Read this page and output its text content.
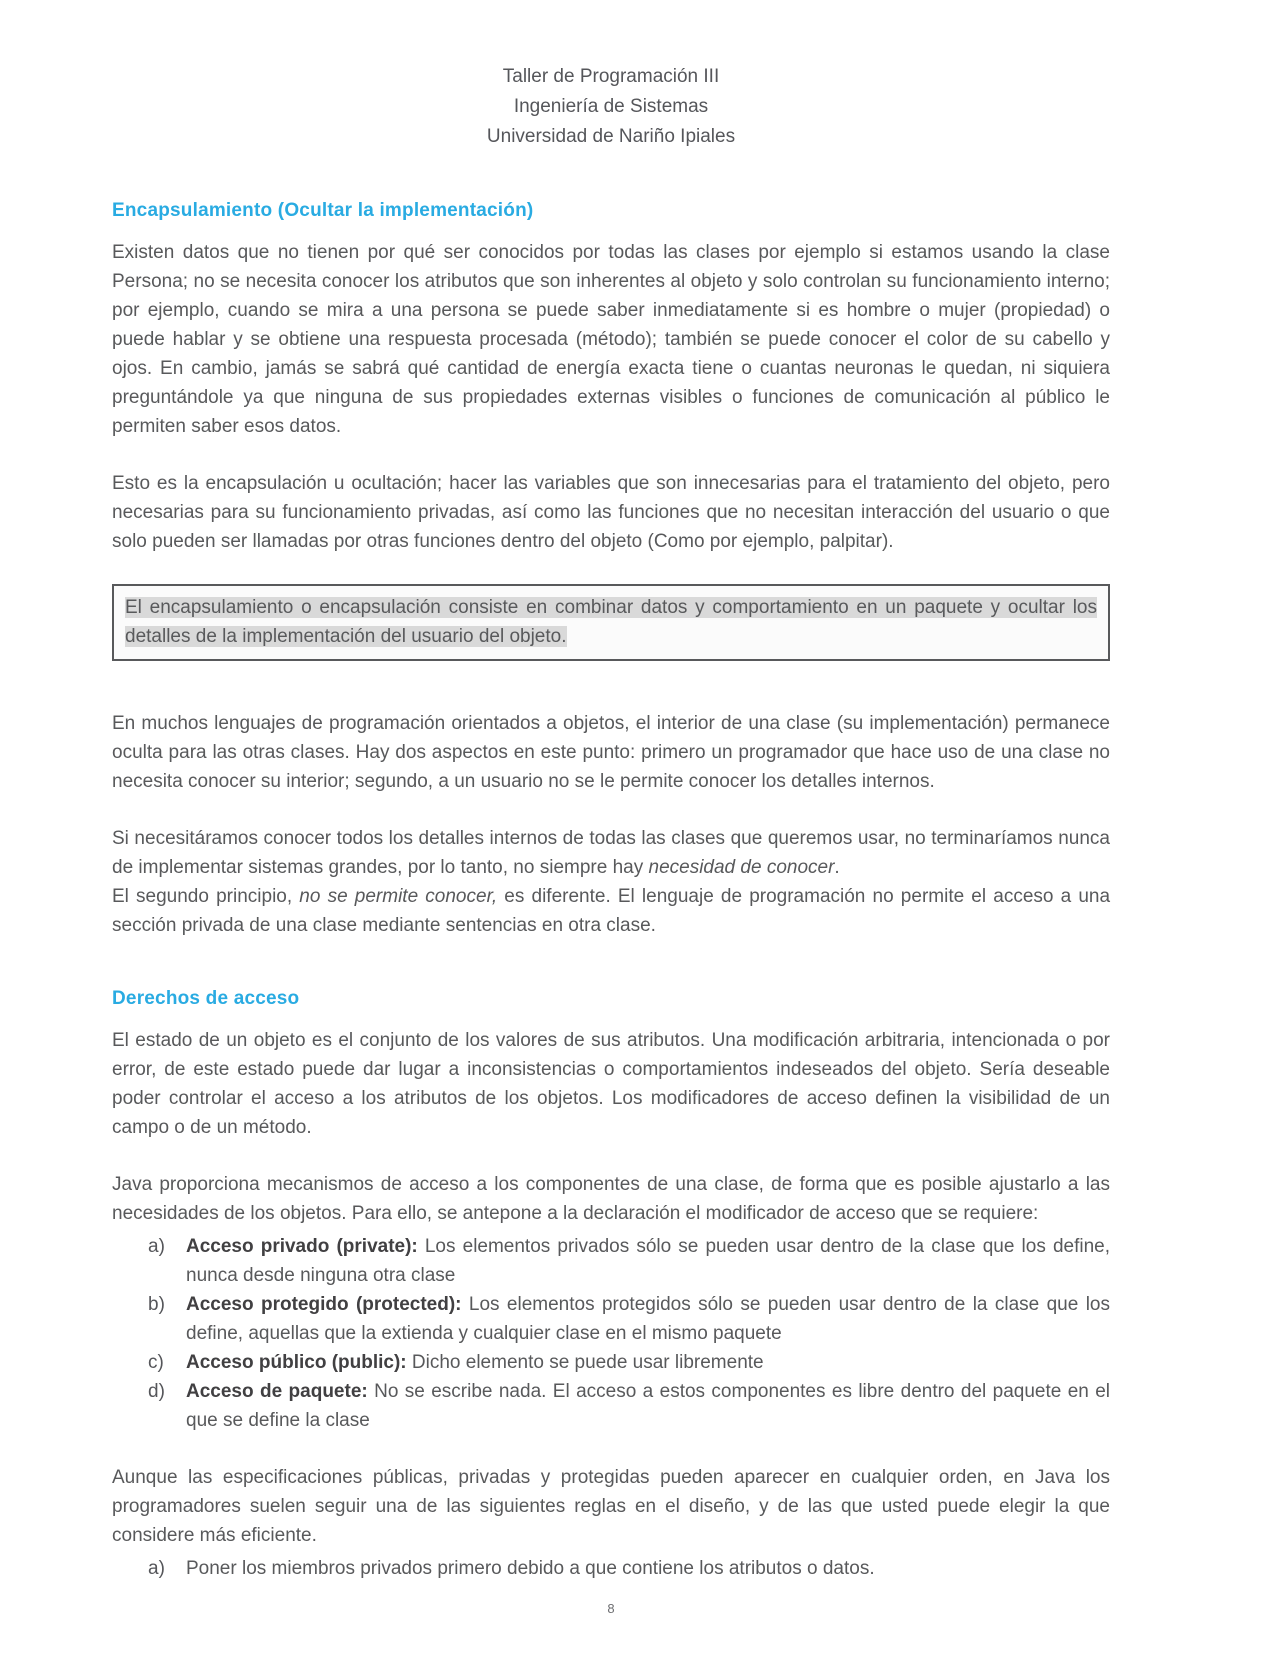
Taller de Programación III
Ingeniería de Sistemas
Universidad de Nariño Ipiales
Encapsulamiento (Ocultar la implementación)

Existen datos que no tienen por qué ser conocidos por todas las clases por ejemplo si estamos usando la clase Persona; no se necesita conocer los atributos que son inherentes al objeto y solo controlan su funcionamiento interno; por ejemplo, cuando se mira a una persona se puede saber inmediatamente si es hombre o mujer (propiedad) o puede hablar y se obtiene una respuesta procesada (método); también se puede conocer el color de su cabello y ojos. En cambio, jamás se sabrá qué cantidad de energía exacta tiene o cuantas neuronas le quedan, ni siquiera preguntándole ya que ninguna de sus propiedades externas visibles o funciones de comunicación al público le permiten saber esos datos.

Esto es la encapsulación u ocultación; hacer las variables que son innecesarias para el tratamiento del objeto, pero necesarias para su funcionamiento privadas, así como las funciones que no necesitan interacción del usuario o que solo pueden ser llamadas por otras funciones dentro del objeto (Como por ejemplo, palpitar).

El encapsulamiento o encapsulación consiste en combinar datos y comportamiento en un paquete y ocultar los detalles de la implementación del usuario del objeto.

En muchos lenguajes de programación orientados a objetos, el interior de una clase (su implementación) permanece oculta para las otras clases. Hay dos aspectos en este punto: primero un programador que hace uso de una clase no necesita conocer su interior; segundo, a un usuario no se le permite conocer los detalles internos.

Si necesitáramos conocer todos los detalles internos de todas las clases que queremos usar, no terminaríamos nunca de implementar sistemas grandes, por lo tanto, no siempre hay necesidad de conocer.
El segundo principio, no se permite conocer, es diferente. El lenguaje de programación no permite el acceso a una sección privada de una clase mediante sentencias en otra clase.

Derechos de acceso

El estado de un objeto es el conjunto de los valores de sus atributos. Una modificación arbitraria, intencionada o por error, de este estado puede dar lugar a inconsistencias o comportamientos indeseados del objeto. Sería deseable poder controlar el acceso a los atributos de los objetos. Los modificadores de acceso definen la visibilidad de un campo o de un método.

Java proporciona mecanismos de acceso a los componentes de una clase, de forma que es posible ajustarlo a las necesidades de los objetos. Para ello, se antepone a la declaración el modificador de acceso que se requiere:

a)	Acceso privado (private): Los elementos privados sólo se pueden usar dentro de la clase que los define, nunca desde ninguna otra clase
b)	Acceso protegido (protected): Los elementos protegidos sólo se pueden usar dentro de la clase que los define, aquellas que la extienda y cualquier clase en el mismo paquete
c)	Acceso público (public): Dicho elemento se puede usar libremente
d)	Acceso de paquete: No se escribe nada. El acceso a estos componentes es libre dentro del paquete en el que se define la clase

Aunque las especificaciones públicas, privadas y protegidas pueden aparecer en cualquier orden, en Java los programadores suelen seguir una de las siguientes reglas en el diseño, y de las que usted puede elegir la que considere más eficiente.

a)	Poner los miembros privados primero debido a que contiene los atributos o datos.
8
